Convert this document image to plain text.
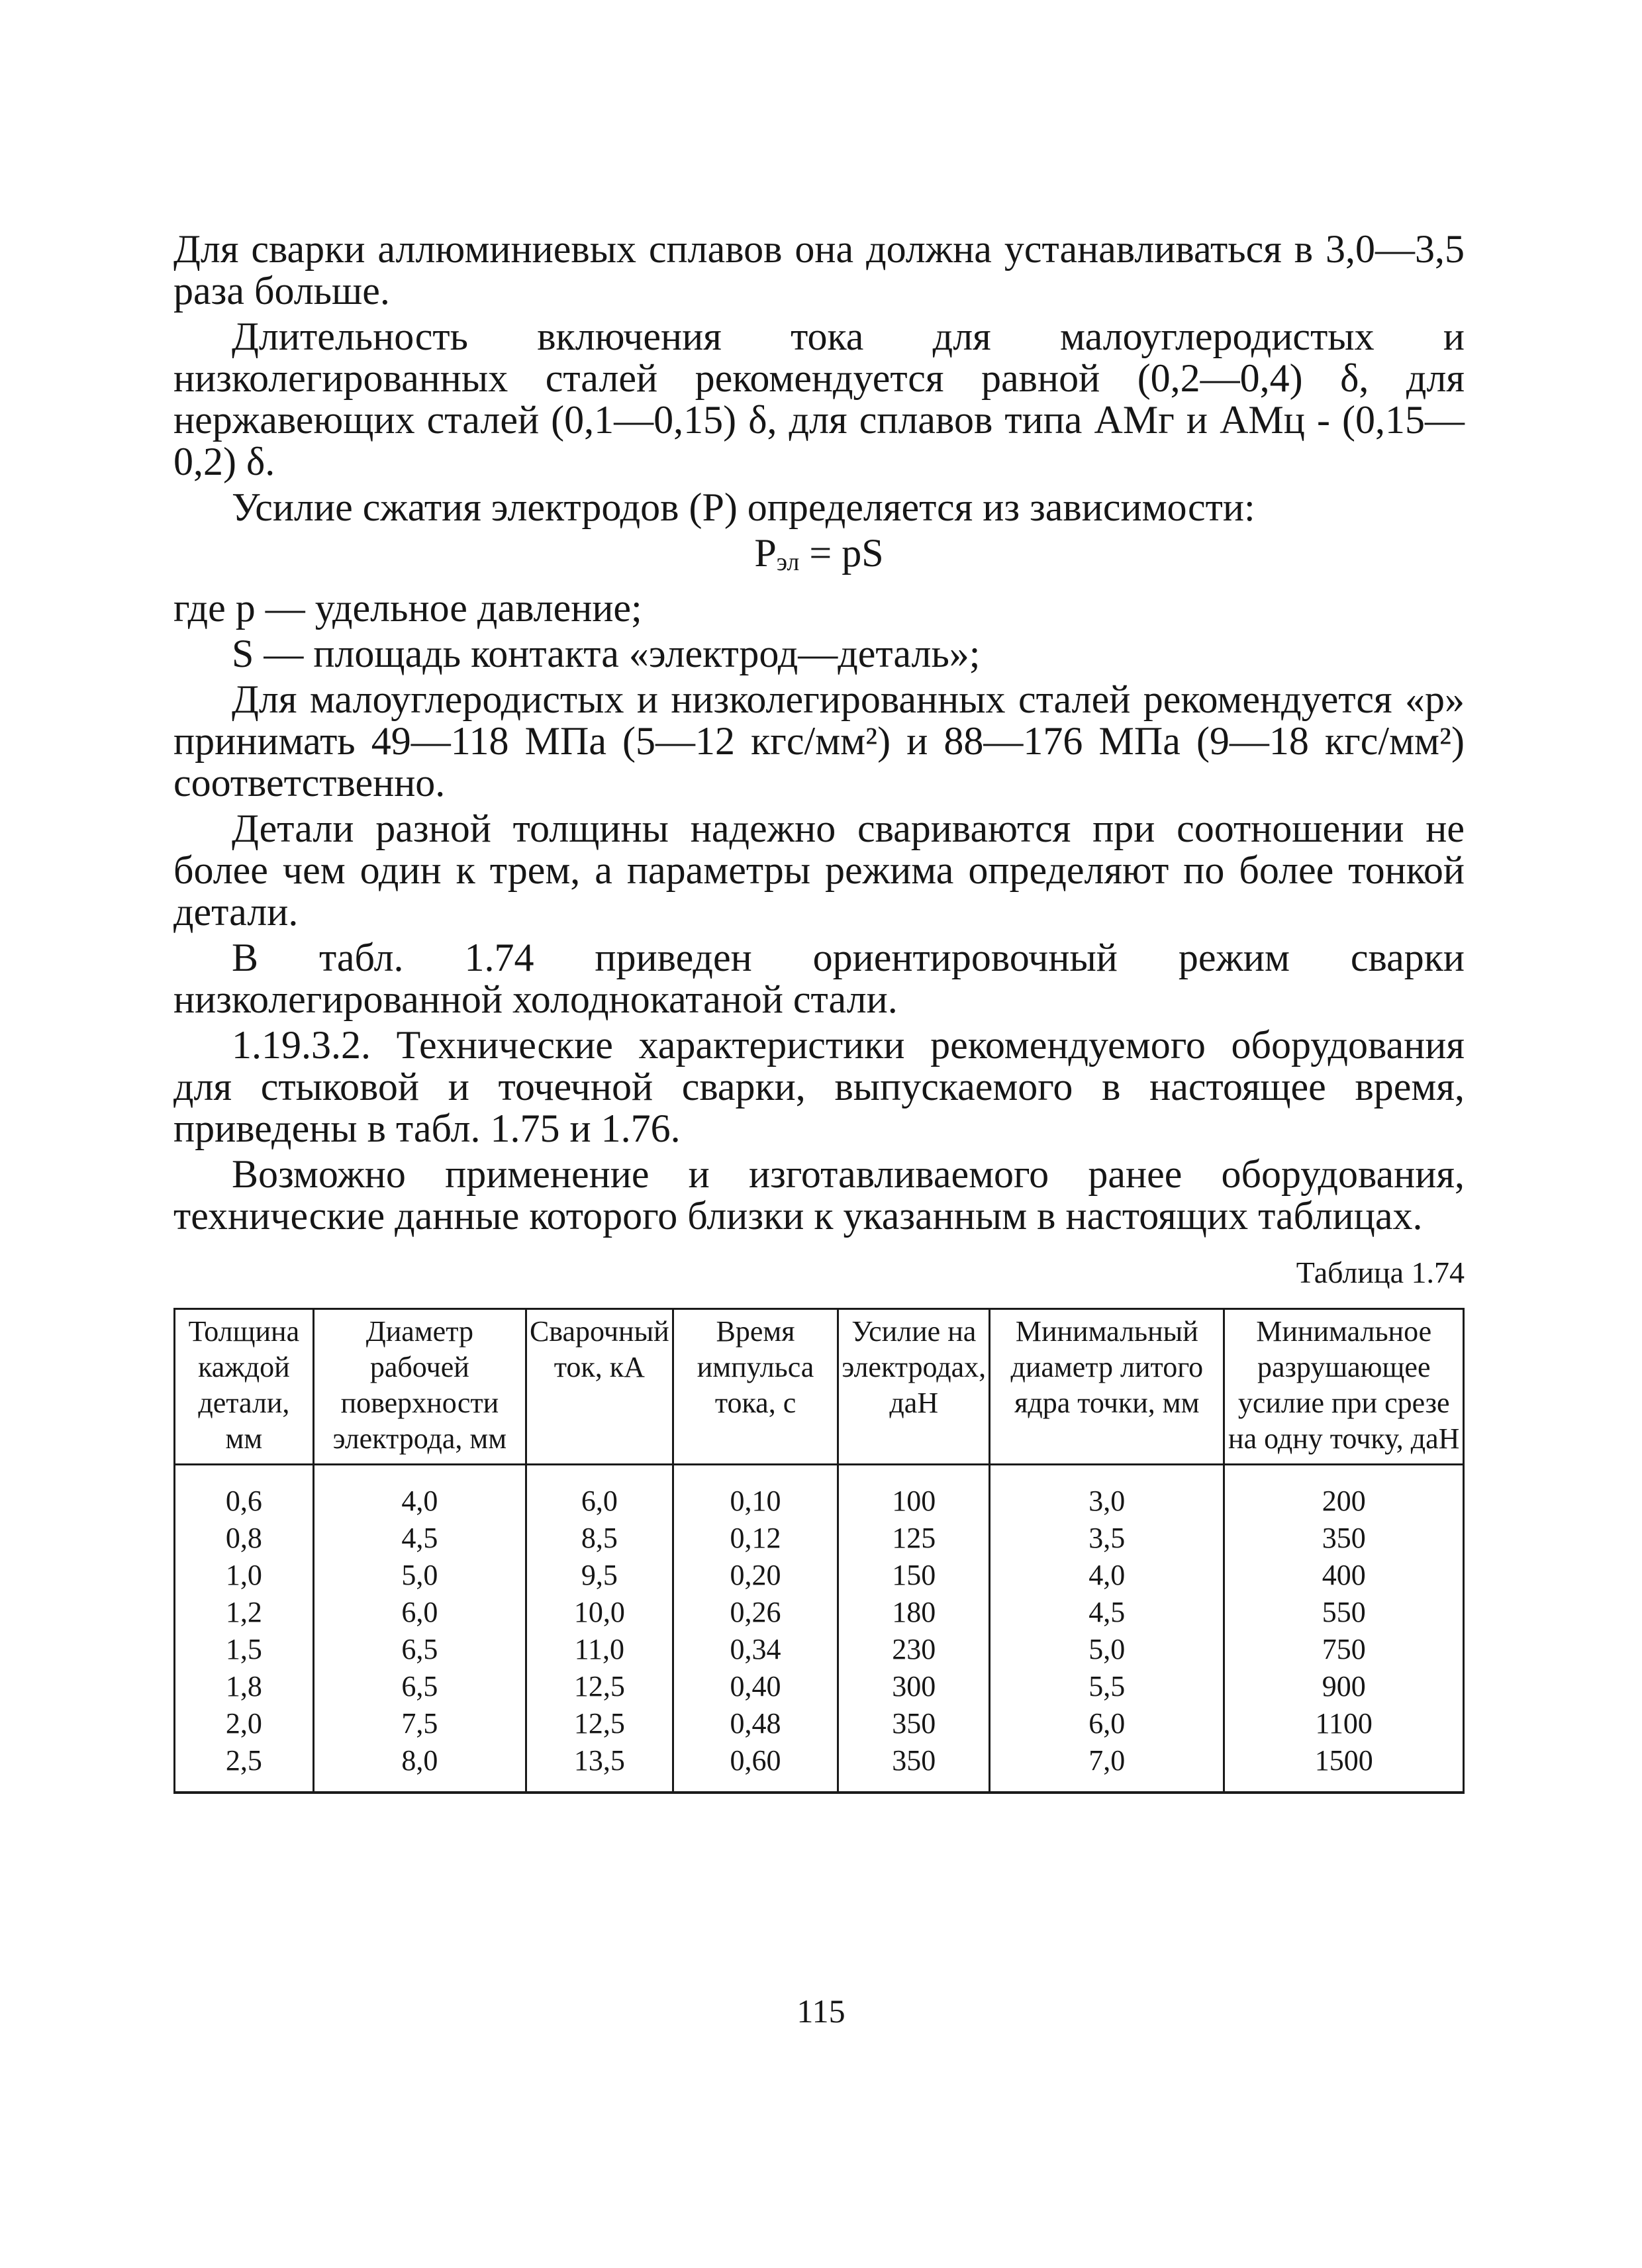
Для сварки аллюминиевых сплавов она должна устанавливаться в 3,0—3,5 раза больше.

Длительность включения тока для малоуглеродистых и низколегированных сталей рекомендуется равной (0,2—0,4) δ, для нержавеющих сталей (0,1—0,15) δ, для сплавов типа АМг и АМц - (0,15—0,2) δ.

Усилие сжатия электродов (Р) определяется из зависимости:

$Р_{эл}$ = pS

где р — удельное давление;

S — площадь контакта «электрод—деталь»;

Для малоуглеродистых и низколегированных сталей рекомендуется «р» принимать 49—118 МПа (5—12 кгс/мм²) и 88—176 МПа (9—18 кгс/мм²) соответственно.

Детали разной толщины надежно свариваются при соотношении не более чем один к трем, а параметры режима определяют по более тонкой детали.

В табл. 1.74 приведен ориентировочный режим сварки низколегированной холоднокатаной стали.

1.19.3.2. Технические характеристики рекомендуемого оборудования для стыковой и точечной сварки, выпускаемого в настоящее время, приведены в табл. 1.75 и 1.76.

Возможно применение и изготавливаемого ранее оборудования, технические данные которого близки к указанным в настоящих таблицах.

Таблица 1.74
Толщина каждой детали, мм	Диаметр рабочей поверхности электрода, мм	Сварочный ток, кА	Время импульса тока, с	Усилие на электродах, даН	Минимальный диаметр литого ядра точки, мм	Минимальное разрушающее усилие при срезе на одну точку, даН
0,6	4,0	6,0	0,10	100	3,0	200
0,8	4,5	8,5	0,12	125	3,5	350
1,0	5,0	9,5	0,20	150	4,0	400
1,2	6,0	10,0	0,26	180	4,5	550
1,5	6,5	11,0	0,34	230	5,0	750
1,8	6,5	12,5	0,40	300	5,5	900
2,0	7,5	12,5	0,48	350	6,0	1100
2,5	8,0	13,5	0,60	350	7,0	1500
115
